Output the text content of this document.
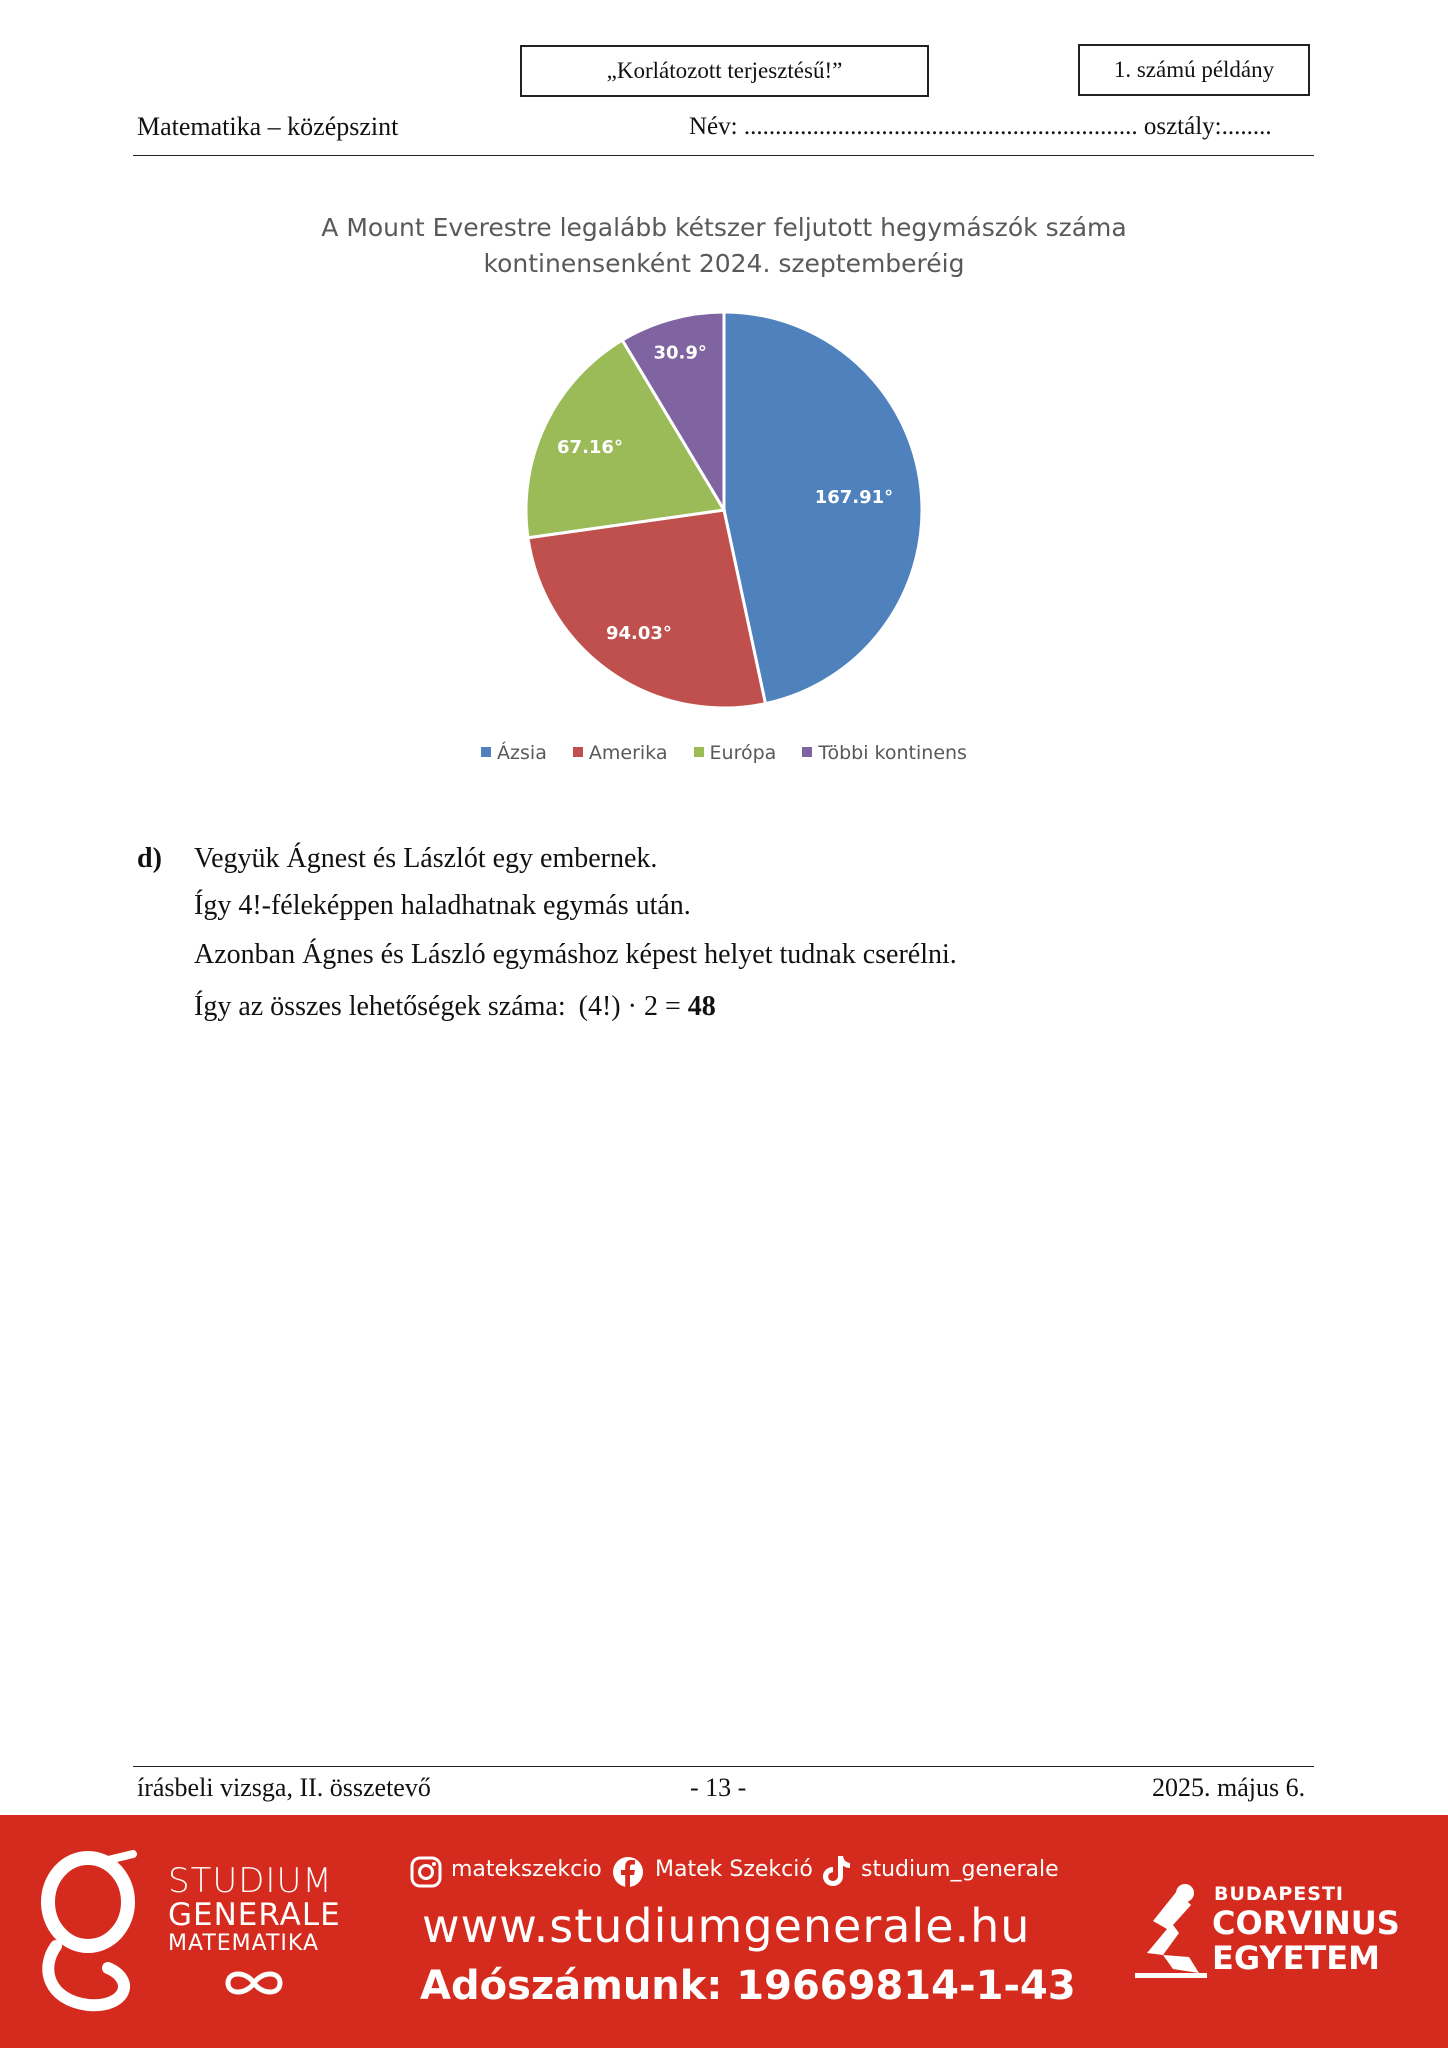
„Korlátozott terjesztésű!”	1. számú példány
Matematika – középszint	Név: ............................................................... osztály:........
A Mount Everestre legalább kétszer feljutott hegymászók száma
kontinensenként 2024. szeptemberéig
167.91°
94.03°
67.16°
30.9°
Ázsia Amerika Európa Többi kontinens
d) Vegyük Ágnest és Lászlót egy embernek.
Így 4!-féleképpen haladhatnak egymás után.
Azonban Ágnes és László egymáshoz képest helyet tudnak cserélni.
Így az összes lehetőségek száma: (4!) · 2 = 48
írásbeli vizsga, II. összetevő	- 13 -	2025. május 6.
STUDIUM
GENERALE
MATEMATIKA
matekszekcio Matek Szekció studium_generale
www.studiumgenerale.hu
Adószámunk: 19669814-1-43
BUDAPESTI
CORVINUS
EGYETEM
